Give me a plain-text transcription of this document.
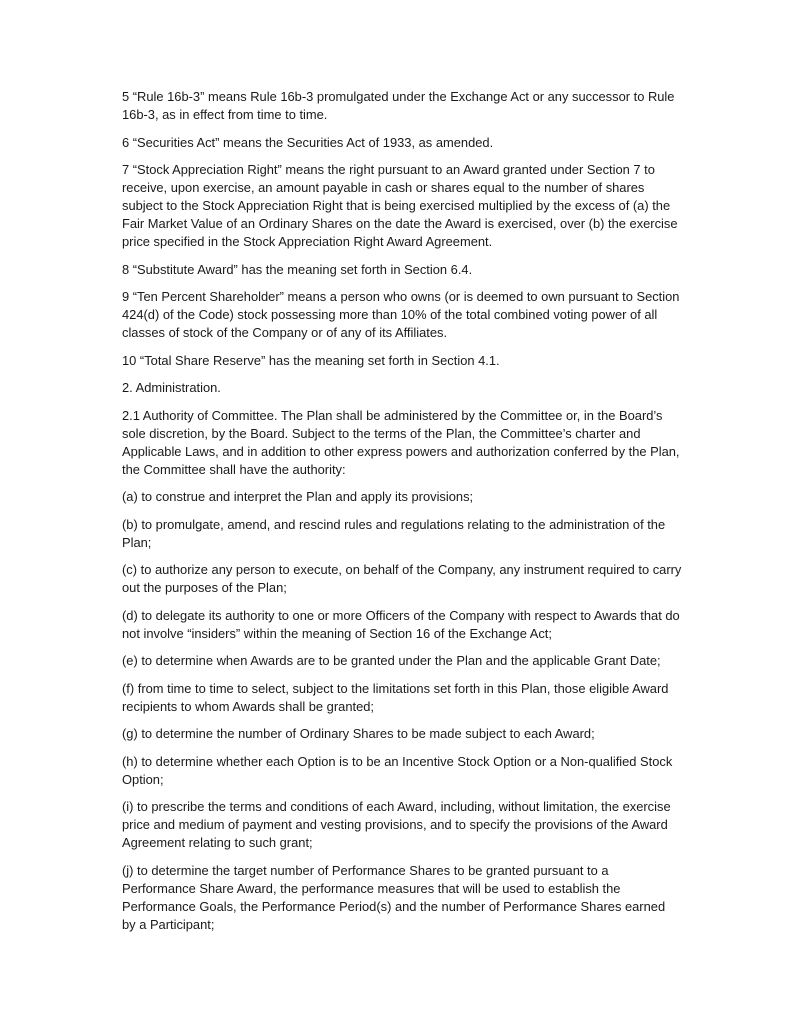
5 “Rule 16b-3” means Rule 16b-3 promulgated under the Exchange Act or any successor to Rule 16b-3, as in effect from time to time.

6 “Securities Act” means the Securities Act of 1933, as amended.

7 “Stock Appreciation Right” means the right pursuant to an Award granted under Section 7 to receive, upon exercise, an amount payable in cash or shares equal to the number of shares subject to the Stock Appreciation Right that is being exercised multiplied by the excess of (a) the Fair Market Value of an Ordinary Shares on the date the Award is exercised, over (b) the exercise price specified in the Stock Appreciation Right Award Agreement.

8 “Substitute Award” has the meaning set forth in Section 6.4.

9 “Ten Percent Shareholder” means a person who owns (or is deemed to own pursuant to Section 424(d) of the Code) stock possessing more than 10% of the total combined voting power of all classes of stock of the Company or of any of its Affiliates.

10 “Total Share Reserve” has the meaning set forth in Section 4.1.

2. Administration.

2.1 Authority of Committee. The Plan shall be administered by the Committee or, in the Board’s sole discretion, by the Board. Subject to the terms of the Plan, the Committee’s charter and Applicable Laws, and in addition to other express powers and authorization conferred by the Plan, the Committee shall have the authority:

(a) to construe and interpret the Plan and apply its provisions;

(b) to promulgate, amend, and rescind rules and regulations relating to the administration of the Plan;

(c) to authorize any person to execute, on behalf of the Company, any instrument required to carry out the purposes of the Plan;

(d) to delegate its authority to one or more Officers of the Company with respect to Awards that do not involve “insiders” within the meaning of Section 16 of the Exchange Act;

(e) to determine when Awards are to be granted under the Plan and the applicable Grant Date;

(f) from time to time to select, subject to the limitations set forth in this Plan, those eligible Award recipients to whom Awards shall be granted;

(g) to determine the number of Ordinary Shares to be made subject to each Award;

(h) to determine whether each Option is to be an Incentive Stock Option or a Non-qualified Stock Option;

(i) to prescribe the terms and conditions of each Award, including, without limitation, the exercise price and medium of payment and vesting provisions, and to specify the provisions of the Award Agreement relating to such grant;

(j) to determine the target number of Performance Shares to be granted pursuant to a Performance Share Award, the performance measures that will be used to establish the Performance Goals, the Performance Period(s) and the number of Performance Shares earned by a Participant;
